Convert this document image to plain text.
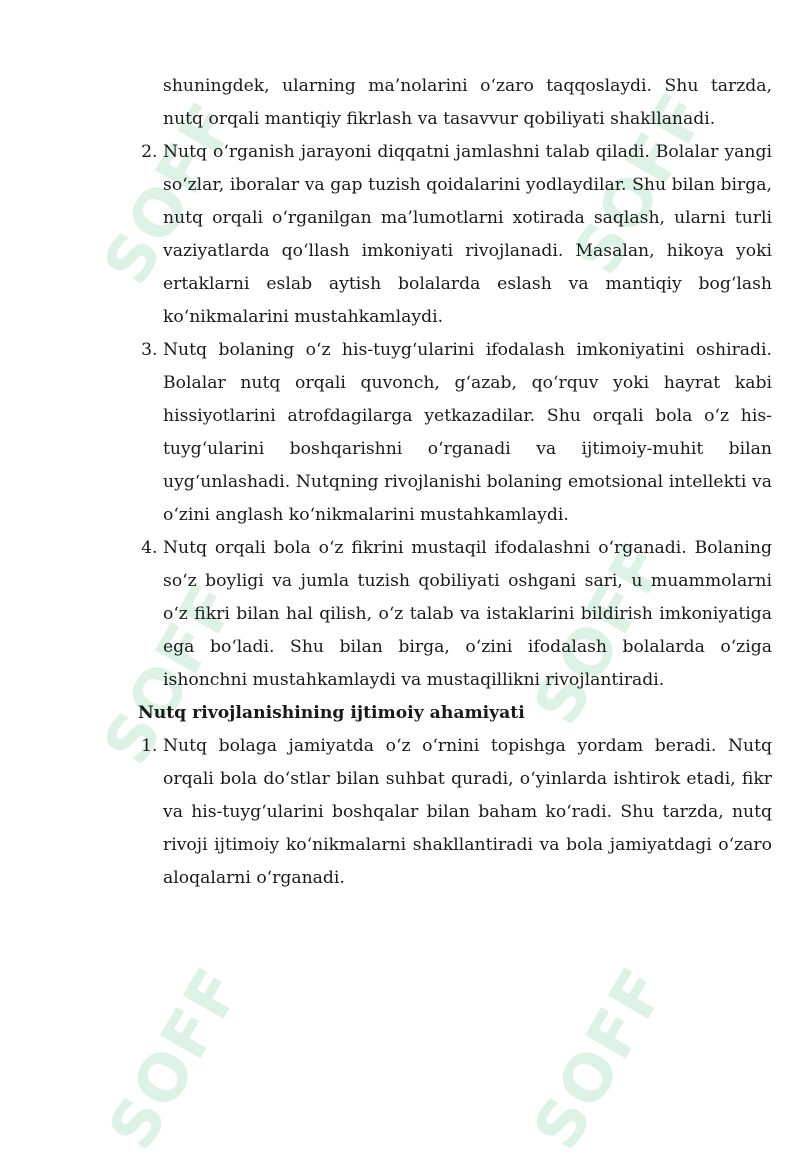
SOFF	SOFF
SOFF	SOFF
SOFF	SOFF

shuningdek, ularning ma’nolarini o‘zaro taqqoslaydi. Shu tarzda, nutq orqali mantiqiy fikrlash va tasavvur qobiliyati shakllanadi.

2. Nutq o‘rganish jarayoni diqqatni jamlashni talab qiladi. Bolalar yangi so‘zlar, iboralar va gap tuzish qoidalarini yodlaydilar. Shu bilan birga, nutq orqali o‘rganilgan ma’lumotlarni xotirada saqlash, ularni turli vaziyatlarda qo‘llash imkoniyati rivojlanadi. Masalan, hikoya yoki ertaklarni eslab aytish bolalarda eslash va mantiqiy bog‘lash ko‘nikmalarini mustahkamlaydi.
3. Nutq bolaning o‘z his-tuyg‘ularini ifodalash imkoniyatini oshiradi. Bolalar nutq orqali quvonch, g‘azab, qo‘rquv yoki hayrat kabi hissiyotlarini atrofdagilarga yetkazadilar. Shu orqali bola o‘z his-tuyg‘ularini boshqarishni o‘rganadi va ijtimoiy-muhit bilan uyg‘unlashadi. Nutqning rivojlanishi bolaning emotsional intellekti va o‘zini anglash ko‘nikmalarini mustahkamlaydi.
4. Nutq orqali bola o‘z fikrini mustaqil ifodalashni o‘rganadi. Bolaning so‘z boyligi va jumla tuzish qobiliyati oshgani sari, u muammolarni o‘z fikri bilan hal qilish, o‘z talab va istaklarini bildirish imkoniyatiga ega bo‘ladi. Shu bilan birga, o‘zini ifodalash bolalarda o‘ziga ishonchni mustahkamlaydi va mustaqillikni rivojlantiradi.

Nutq rivojlanishining ijtimoiy ahamiyati

1. Nutq bolaga jamiyatda o‘z o‘rnini topishga yordam beradi. Nutq orqali bola do‘stlar bilan suhbat quradi, o‘yinlarda ishtirok etadi, fikr va his-tuyg‘ularini boshqalar bilan baham ko‘radi. Shu tarzda, nutq rivoji ijtimoiy ko‘nikmalarni shakllantiradi va bola jamiyatdagi o‘zaro aloqalarni o‘rganadi.
